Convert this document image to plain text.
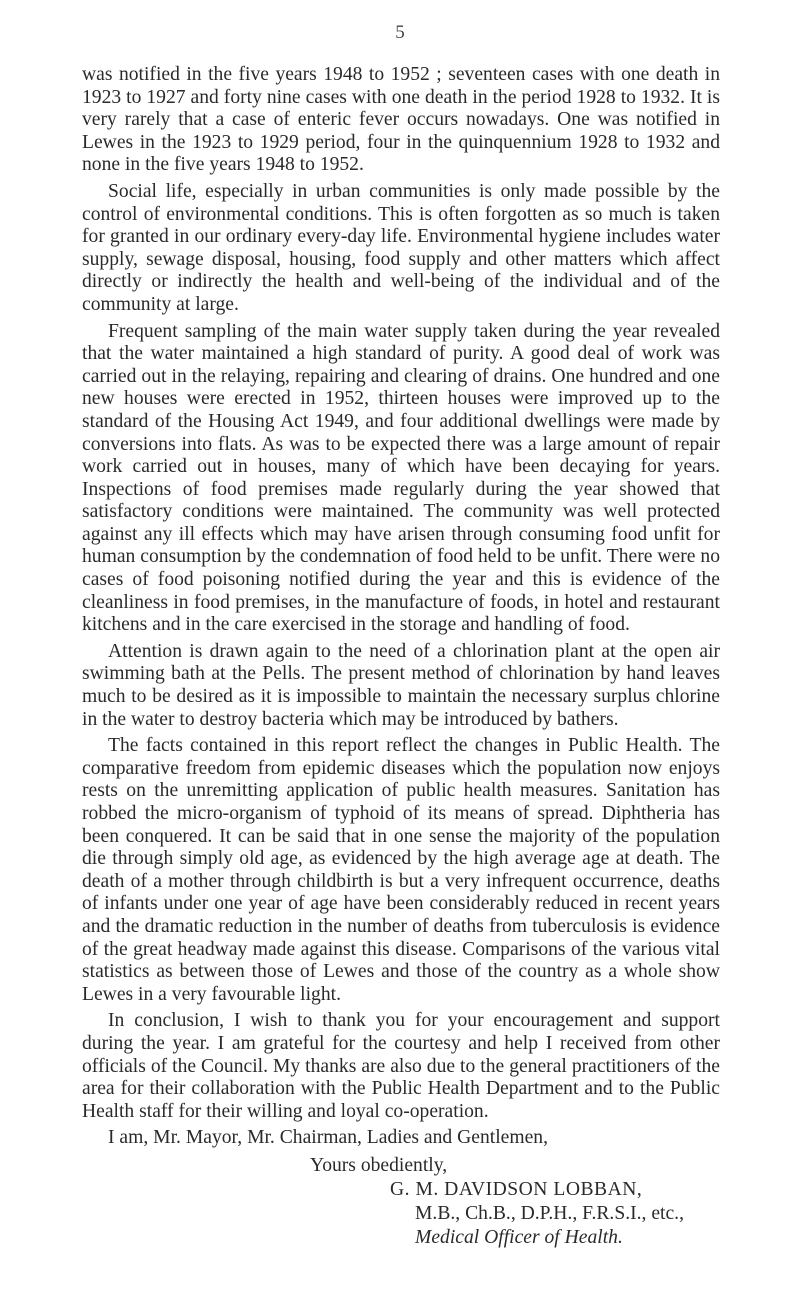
5

was notified in the five years 1948 to 1952 ; seventeen cases with one death in 1923 to 1927 and forty nine cases with one death in the period 1928 to 1932. It is very rarely that a case of enteric fever occurs nowadays. One was notified in Lewes in the 1923 to 1929 period, four in the quinquennium 1928 to 1932 and none in the five years 1948 to 1952.

Social life, especially in urban communities is only made possible by the control of environmental conditions. This is often forgotten as so much is taken for granted in our ordinary every-day life. Environmental hygiene includes water supply, sewage disposal, housing, food supply and other matters which affect directly or indirectly the health and well-being of the individual and of the community at large.

Frequent sampling of the main water supply taken during the year revealed that the water maintained a high standard of purity. A good deal of work was carried out in the relaying, repairing and clearing of drains. One hundred and one new houses were erected in 1952, thirteen houses were improved up to the standard of the Housing Act 1949, and four additional dwellings were made by conversions into flats. As was to be expected there was a large amount of repair work carried out in houses, many of which have been decaying for years. Inspections of food premises made regularly during the year showed that satisfactory conditions were maintained. The community was well protected against any ill effects which may have arisen through consuming food unfit for human consumption by the condemnation of food held to be unfit. There were no cases of food poisoning notified during the year and this is evidence of the cleanliness in food premises, in the manufacture of foods, in hotel and restaurant kitchens and in the care exercised in the storage and handling of food.

Attention is drawn again to the need of a chlorination plant at the open air swimming bath at the Pells. The present method of chlorination by hand leaves much to be desired as it is impossible to maintain the necessary surplus chlorine in the water to destroy bacteria which may be introduced by bathers.

The facts contained in this report reflect the changes in Public Health. The comparative freedom from epidemic diseases which the population now enjoys rests on the unremitting application of public health measures. Sanitation has robbed the micro-organism of typhoid of its means of spread. Diphtheria has been conquered. It can be said that in one sense the majority of the population die through simply old age, as evidenced by the high average age at death. The death of a mother through childbirth is but a very infrequent occurrence, deaths of infants under one year of age have been considerably reduced in recent years and the dramatic reduction in the number of deaths from tuberculosis is evidence of the great headway made against this disease. Comparisons of the various vital statistics as between those of Lewes and those of the country as a whole show Lewes in a very favourable light.

In conclusion, I wish to thank you for your encouragement and support during the year. I am grateful for the courtesy and help I received from other officials of the Council. My thanks are also due to the general practitioners of the area for their collaboration with the Public Health Department and to the Public Health staff for their willing and loyal co-operation.

I am, Mr. Mayor, Mr. Chairman, Ladies and Gentlemen,

Yours obediently,
G. M. DAVIDSON LOBBAN,
M.B., Ch.B., D.P.H., F.R.S.I., etc.,
Medical Officer of Health.
